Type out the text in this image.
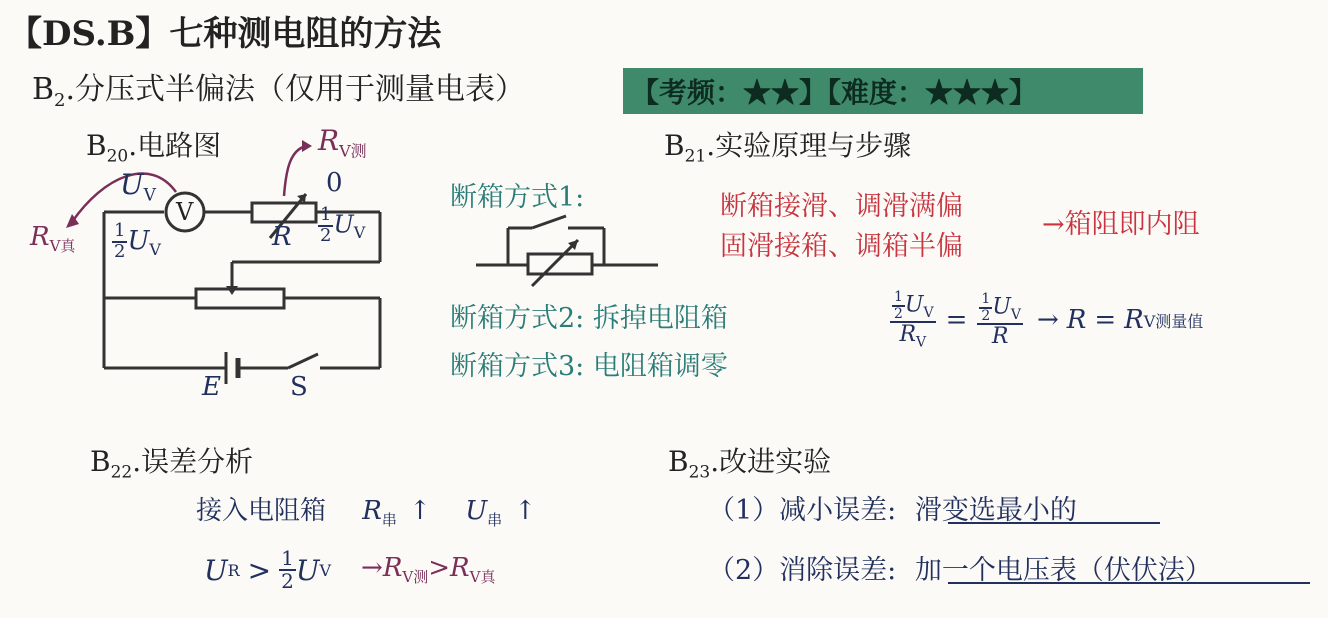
【DS.B】七种测电阻的方法
$B_2$.分压式半偏法（仅用于测量电表）	【考频：★★】【难度：★★★】
$B_{20}$.电路图	$B_{21}$.实验原理与步骤
$B_{22}$.误差分析	$B_{23}$.改进实验
$R_{V测}$
0
$U_V$
V
R $\frac{1}{2} U_V$
$R_{V真} \frac{1}{2} U_V$
E	S
断箱方式1:
断箱方式2: 拆掉电阻箱
断箱方式3: 电阻箱调零
断箱接滑、调滑满偏
固滑接箱、调箱半偏
→箱阻即内阻
$\frac{\frac{1}{2} U_V}{R_V} = \frac{\frac{1}{2} U_V}{R} \to R = R$ V测量值
接入电阻箱 $R_串$ ↑ $U_串$ ↑
U $R > \frac{1}{2}$ U $V \to R_{V测}>R_{V真}$
（1）减小误差: 滑变选最小的
（2）消除误差: 加一个电压表（伏伏法）
